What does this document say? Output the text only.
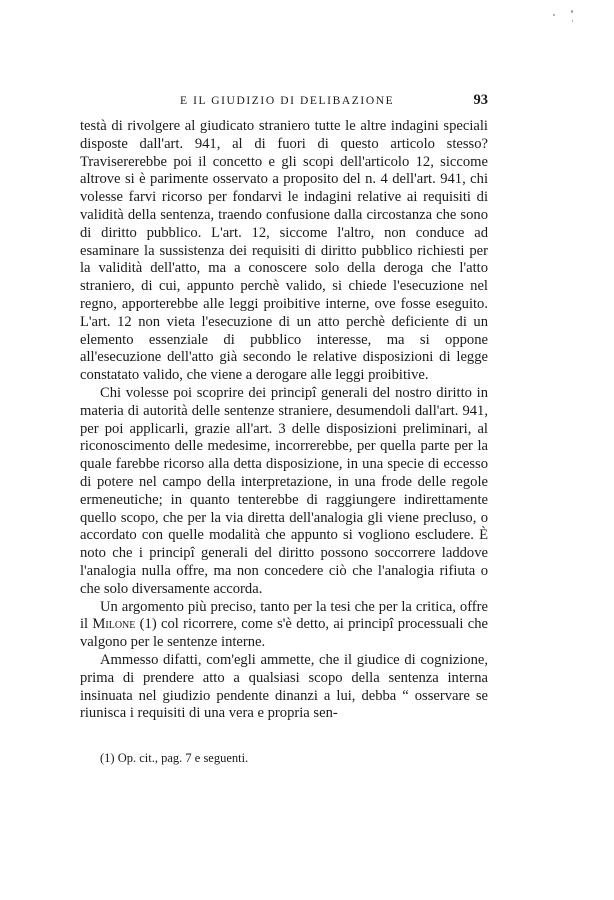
E IL GIUDIZIO DI DELIBAZIONE	93

testà di rivolgere al giudicato straniero tutte le altre indagini speciali disposte dall'art. 941, al di fuori di questo articolo stesso? Travisererebbe poi il concetto e gli scopi dell'articolo 12, siccome altrove si è parimente osservato a proposito del n. 4 dell'art. 941, chi volesse farvi ricorso per fondarvi le indagini relative ai requisiti di validità della sentenza, traendo confusione dalla circostanza che sono di diritto pubblico. L'art. 12, siccome l'altro, non conduce ad esaminare la sussistenza dei requisiti di diritto pubblico richiesti per la validità dell'atto, ma a conoscere solo della deroga che l'atto straniero, di cui, appunto perchè valido, si chiede l'esecuzione nel regno, apporterebbe alle leggi proibitive interne, ove fosse eseguito. L'art. 12 non vieta l'esecuzione di un atto perchè deficiente di un elemento essenziale di pubblico interesse, ma si oppone all'esecuzione dell'atto già secondo le relative disposizioni di legge constatato valido, che viene a derogare alle leggi proibitive.

Chi volesse poi scoprire dei principî generali del nostro diritto in materia di autorità delle sentenze straniere, desumendoli dall'art. 941, per poi applicarli, grazie all'art. 3 delle disposizioni preliminari, al riconoscimento delle medesime, incorrerebbe, per quella parte per la quale farebbe ricorso alla detta disposizione, in una specie di eccesso di potere nel campo della interpretazione, in una frode delle regole ermeneutiche; in quanto tenterebbe di raggiungere indirettamente quello scopo, che per la via diretta dell'analogia gli viene precluso, o accordato con quelle modalità che appunto si vogliono escludere. È noto che i principî generali del diritto possono soccorrere laddove l'analogia nulla offre, ma non concedere ciò che l'analogia rifiuta o che solo diversamente accorda.

Un argomento più preciso, tanto per la tesi che per la critica, offre il Milone (1) col ricorrere, come s'è detto, ai principî processuali che valgono per le sentenze interne.

Ammesso difatti, com'egli ammette, che il giudice di cognizione, prima di prendere atto a qualsiasi scopo della sentenza interna insinuata nel giudizio pendente dinanzi a lui, debba “ osservare se riunisca i requisiti di una vera e propria sen-

(1) Op. cit., pag. 7 e seguenti.
